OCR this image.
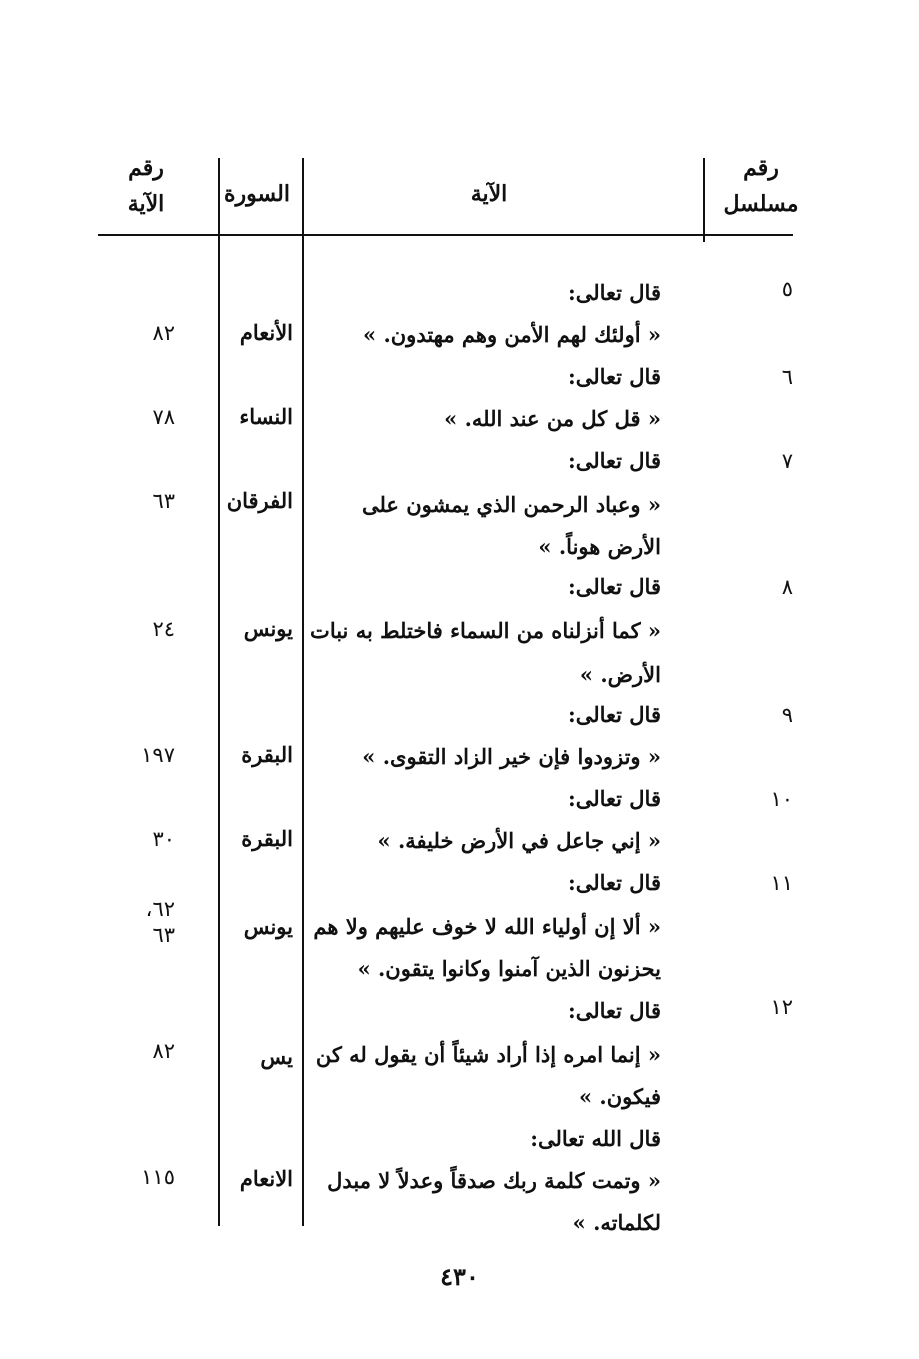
رقم
مسلسل
الآية
السورة
رقم
الآية
٥
قال تعالى:
« أولئك لهم الأمن وهم مهتدون. »
الأنعام
٨٢
٦
قال تعالى:
« قل كل من عند الله. »
النساء
٧٨
٧
قال تعالى:
« وعباد الرحمن الذي يمشون على
الأرض هوناً. »
الفرقان
٦٣
٨
قال تعالى:
« كما أنزلناه من السماء فاختلط به نبات
الأرض. »
يونس
٢٤
٩
قال تعالى:
« وتزودوا فإن خير الزاد التقوى. »
البقرة
١٩٧
١٠
قال تعالى:
« إني جاعل في الأرض خليفة. »
البقرة
٣٠
١١
قال تعالى:
« ألا إن أولياء الله لا خوف عليهم ولا هم
يحزنون الذين آمنوا وكانوا يتقون. »
يونس
٦٢،
٦٣
١٢
قال تعالى:
« إنما امره إذا أراد شيئاً أن يقول له كن
فيكون. »
يس
٨٢
قال الله تعالى:
« وتمت كلمة ربك صدقاً وعدلاً لا مبدل
لكلماته. »
الانعام
١١٥
٤٣٠
